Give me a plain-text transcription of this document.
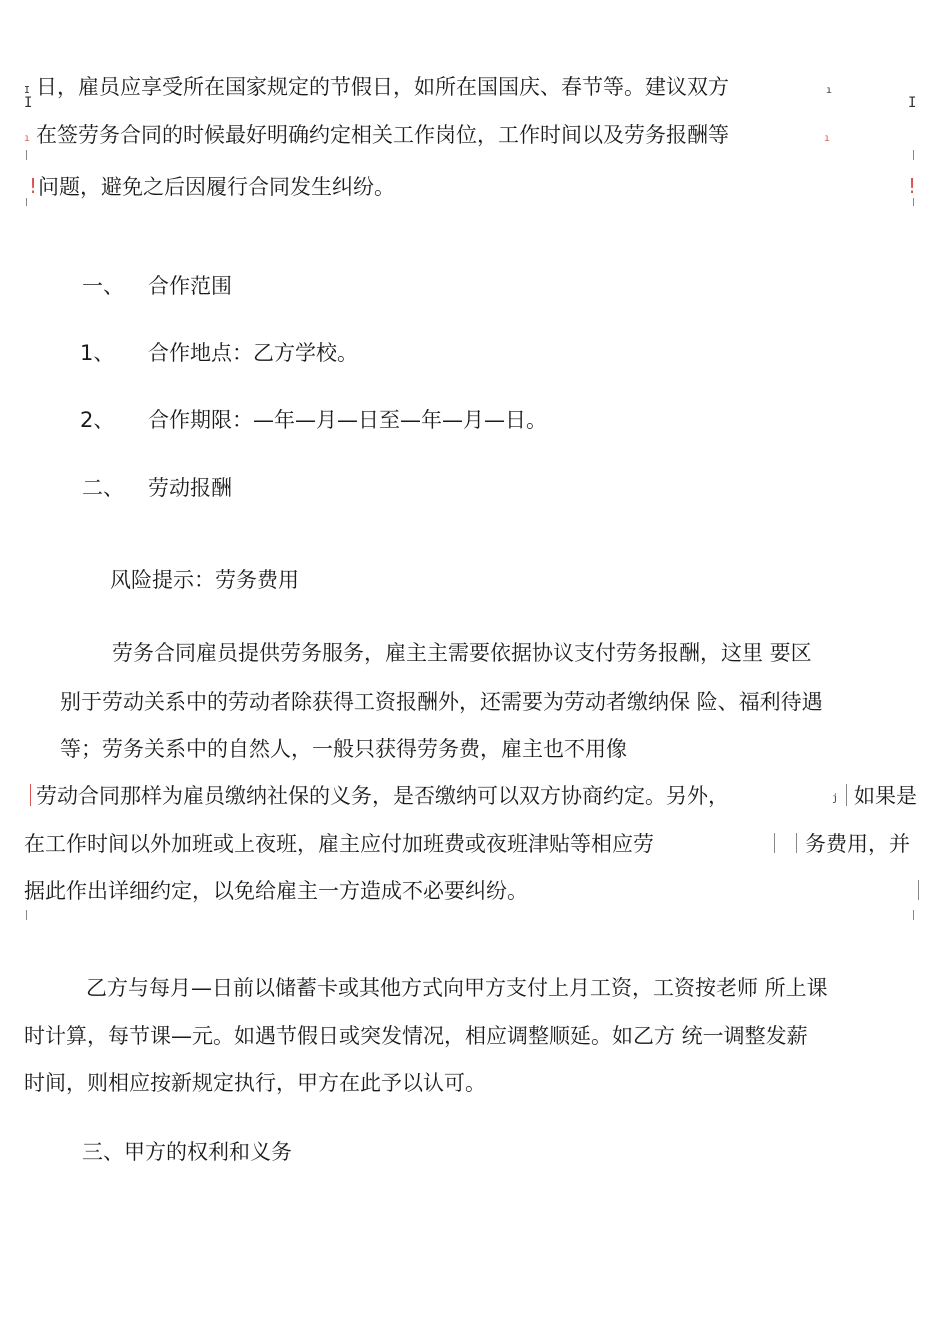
I
I
ı
I
ı	ı
!	!
日，雇员应享受所在国家规定的节假日，如所在国国庆、春节等。建议双方
在签劳务合同的时候最好明确约定相关工作岗位，工作时间以及劳务报酬等
问题，避免之后因履行合同发生纠纷。
一、 合作范围
1、 合作地点：乙方学校。
2、 合作期限：—年—月—日至—年—月—日。
二、 劳动报酬
风险提示：劳务费用
劳务合同雇员提供劳务服务，雇主主需要依据协议支付劳务报酬，这里 要区
别于劳动关系中的劳动者除获得工资报酬外，还需要为劳动者缴纳保 险、福利待遇
等；劳务关系中的自然人，一般只获得劳务费，雇主也不用像
劳动合同那样为雇员缴纳社保的义务，是否缴纳可以双方协商约定。另外，	j 如果是
在工作时间以外加班或上夜班，雇主应付加班费或夜班津贴等相应劳	务费用，并
据此作出详细约定，以免给雇主一方造成不必要纠纷。
乙方与每月—日前以储蓄卡或其他方式向甲方支付上月工资，工资按老师 所上课
时计算，每节课—元。如遇节假日或突发情况，相应调整顺延。如乙方 统一调整发薪
时间，则相应按新规定执行，甲方在此予以认可。
三、甲方的权利和义务
